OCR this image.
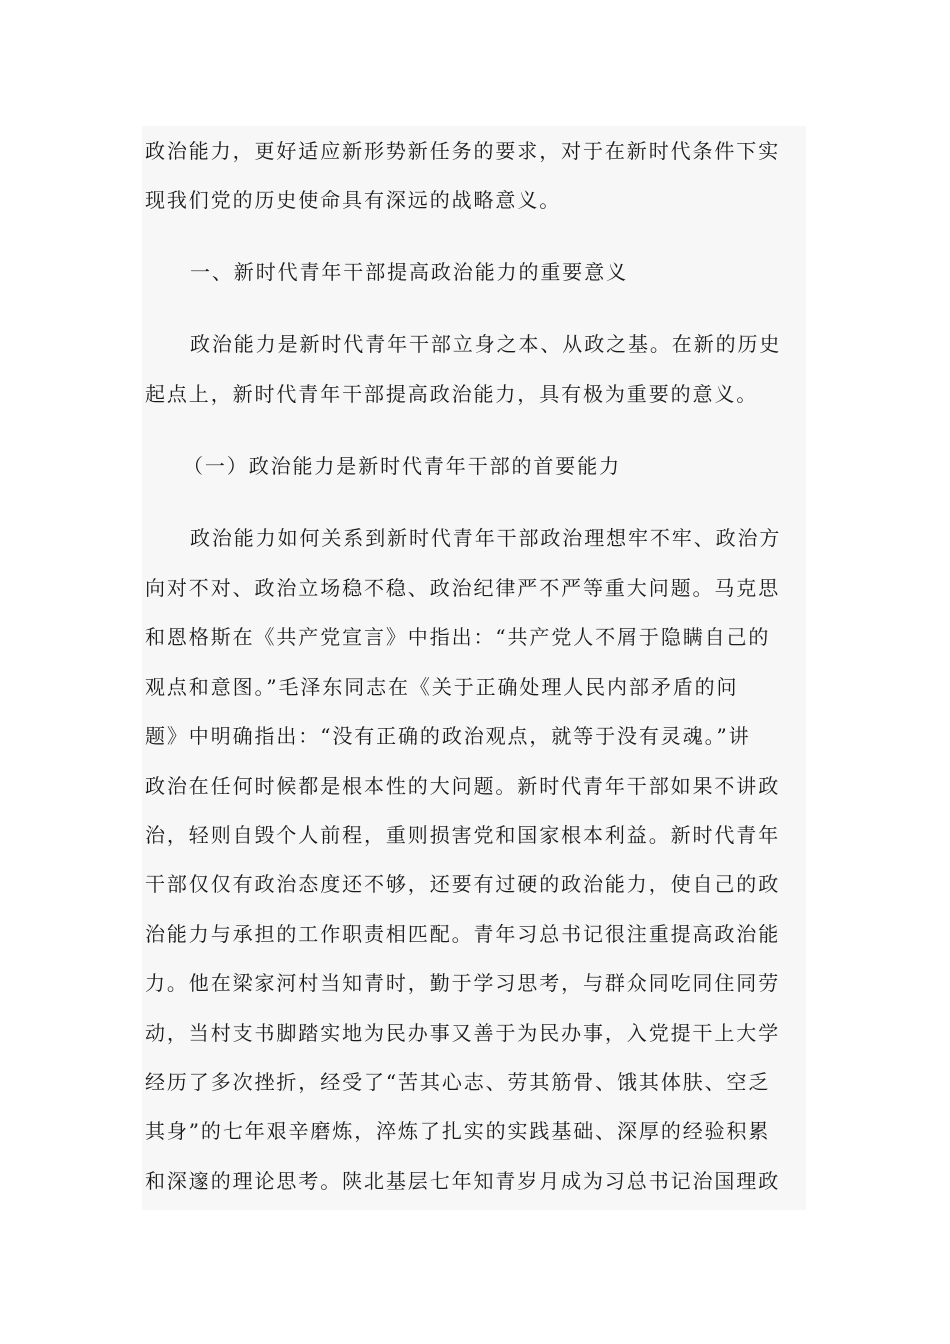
政治能力，更好适应新形势新任务的要求，对于在新时代条件下实
现我们党的历史使命具有深远的战略意义。
一、新时代青年干部提高政治能力的重要意义
政治能力是新时代青年干部立身之本、从政之基。在新的历史
起点上，新时代青年干部提高政治能力，具有极为重要的意义。
（一）政治能力是新时代青年干部的首要能力
政治能力如何关系到新时代青年干部政治理想牢不牢、政治方
向对不对、政治立场稳不稳、政治纪律严不严等重大问题。马克思
和恩格斯在《共产党宣言》中指出：“共产党人不屑于隐瞒自己的
观点和意图。”毛泽东同志在《关于正确处理人民内部矛盾的问
题》中明确指出：“没有正确的政治观点，就等于没有灵魂。”讲
政治在任何时候都是根本性的大问题。新时代青年干部如果不讲政
治，轻则自毁个人前程，重则损害党和国家根本利益。新时代青年
干部仅仅有政治态度还不够，还要有过硬的政治能力，使自己的政
治能力与承担的工作职责相匹配。青年习总书记很注重提高政治能
力。他在梁家河村当知青时，勤于学习思考，与群众同吃同住同劳
动，当村支书脚踏实地为民办事又善于为民办事，入党提干上大学
经历了多次挫折，经受了“苦其心志、劳其筋骨、饿其体肤、空乏
其身”的七年艰辛磨炼，淬炼了扎实的实践基础、深厚的经验积累
和深邃的理论思考。陕北基层七年知青岁月成为习总书记治国理政
